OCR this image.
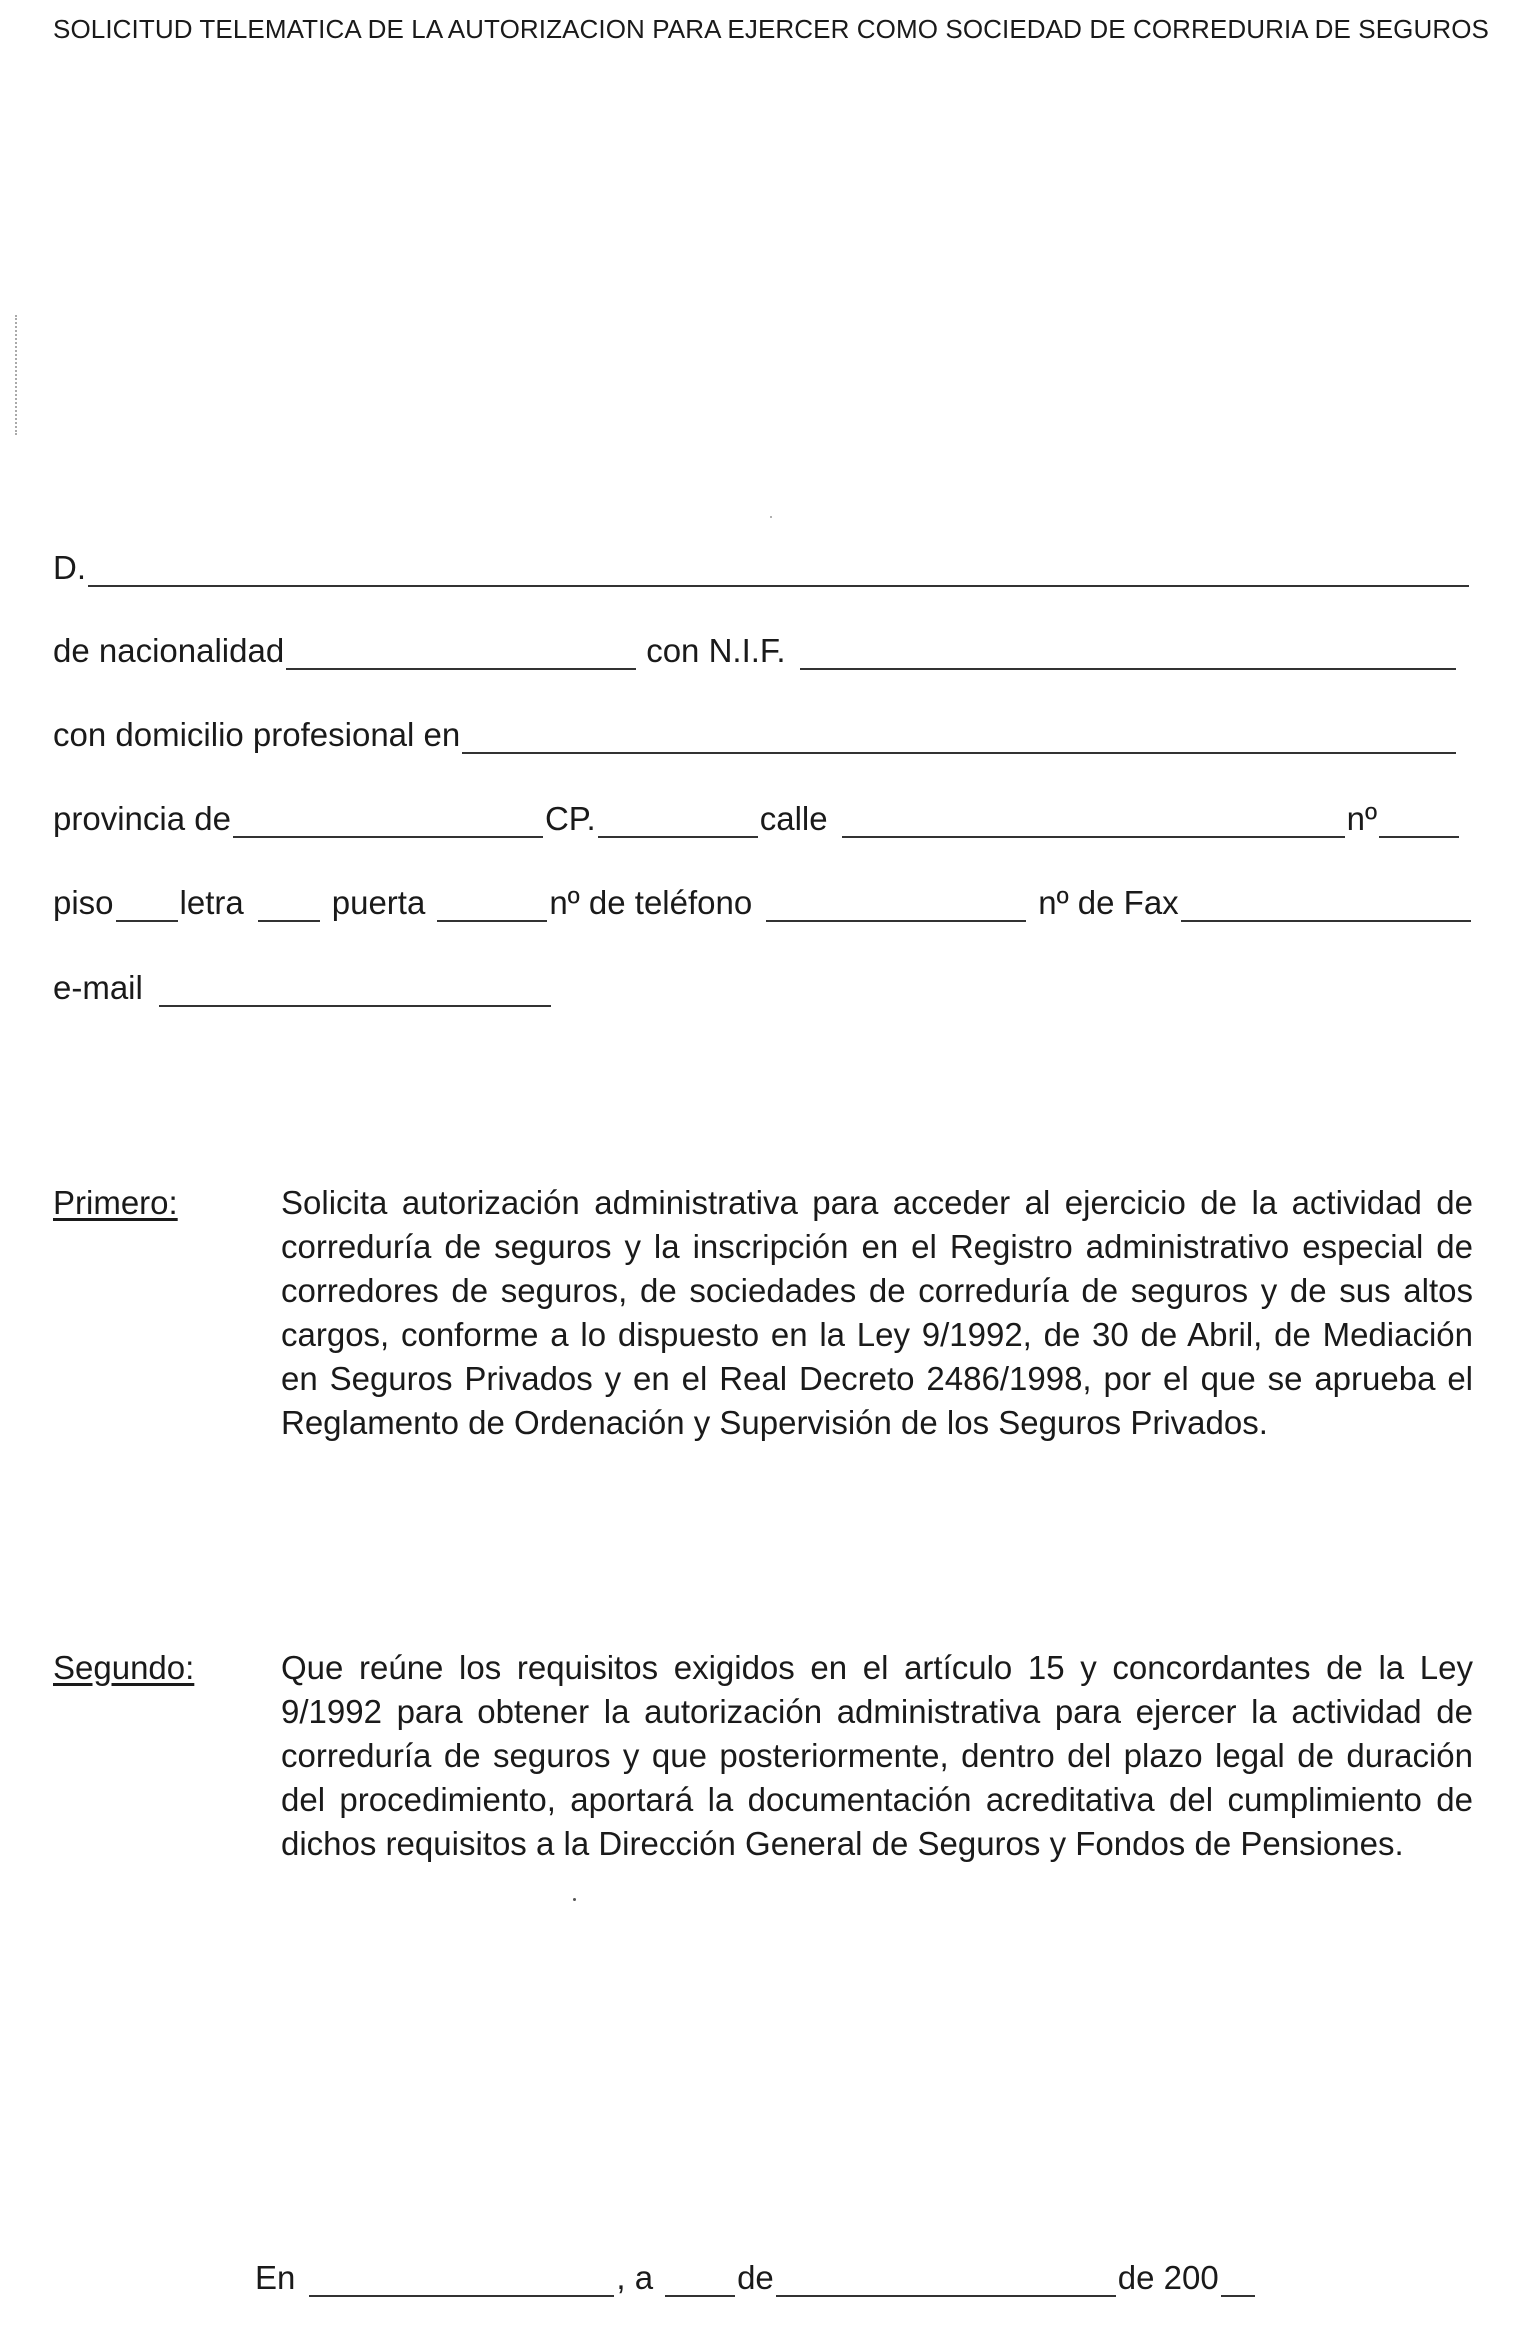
SOLICITUD TELEMATICA DE LA AUTORIZACION PARA EJERCER COMO SOCIEDAD DE CORREDURIA DE SEGUROS
D.
de nacionalidad	con N.I.F.
con domicilio profesional en
provincia de	CP.	calle	nº
piso letra	puerta	nº de teléfono	nº de Fax
e-mail
Primero:	Solicita autorización administrativa para acceder al ejercicio de la actividad de correduría de seguros y la inscripción en el Registro administrativo especial de corredores de seguros, de sociedades de correduría de seguros y de sus altos cargos, conforme a lo dispuesto en la Ley 9/1992, de 30 de Abril, de Mediación en Seguros Privados y en el Real Decreto 2486/1998, por el que se aprueba el Reglamento de Ordenación y Supervisión de los Seguros Privados.
Segundo:	Que reúne los requisitos exigidos en el artículo 15 y concordantes de la Ley 9/1992 para obtener la autorización administrativa para ejercer la actividad de correduría de seguros y que posteriormente, dentro del plazo legal de duración del procedimiento, aportará la documentación acreditativa del cumplimiento de dichos requisitos a la Dirección General de Seguros y Fondos de Pensiones.
En	, a	de	de 200
